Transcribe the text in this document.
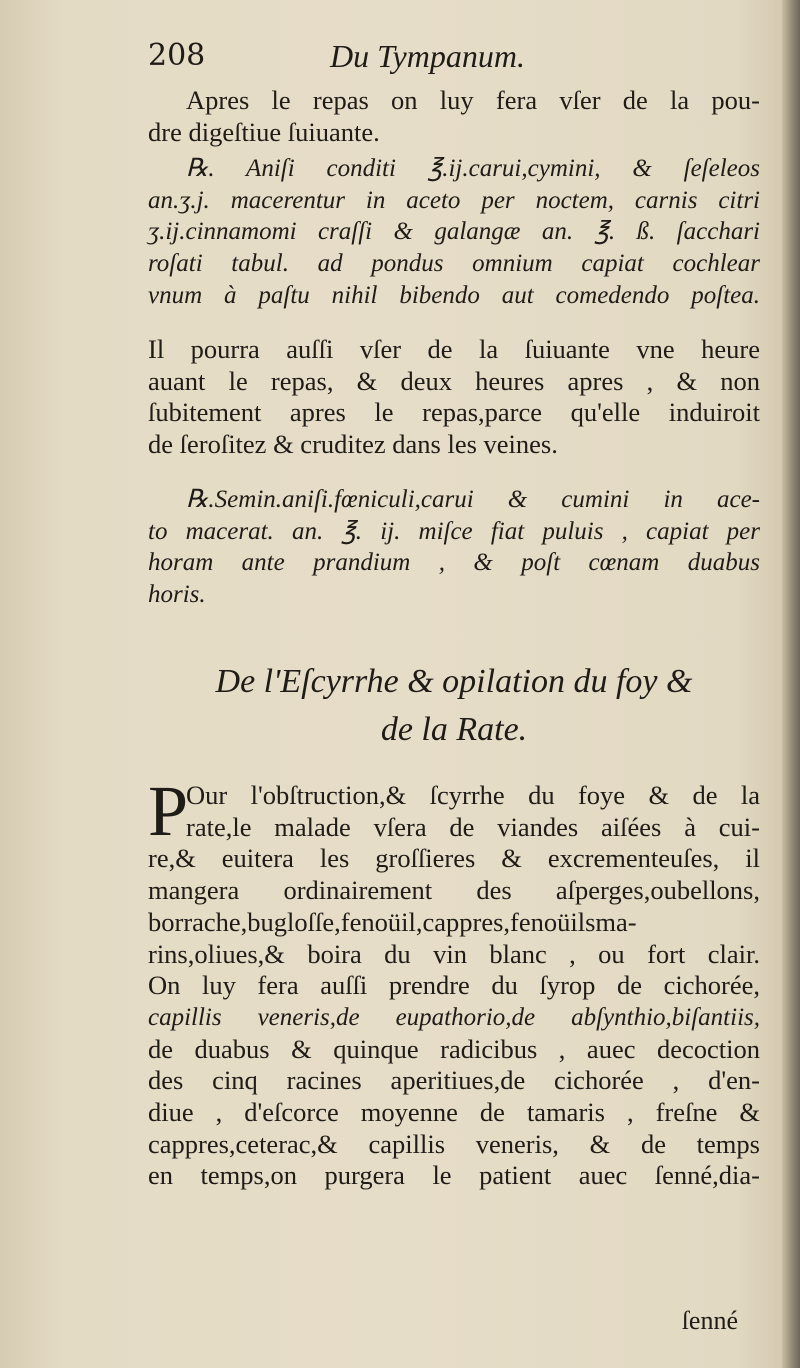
208	Du Tympanum.
Apres le repas on luy fera vſer de la pou-
dre digeſtiue ſuiuante.
℞. Aniſi conditi ℥.ij.carui,cymini, & ſeſeleos
an.ʒ.j. macerentur in aceto per noctem, carnis citri
ʒ.ij.cinnamomi craſſi & galangæ an. ℥. ß. ſacchari
roſati tabul. ad pondus omnium capiat cochlear
vnum à paſtu nihil bibendo aut comedendo poſtea.
Il pourra auſſi vſer de la ſuiuante vne heure
auant le repas, & deux heures apres , & non
ſubitement apres le repas,parce qu'elle induiroit
de ſeroſitez & cruditez dans les veines.
℞.Semin.aniſi.fœniculi,carui & cumini in ace-
to macerat. an. ℥. ij. miſce fiat puluis , capiat per
horam ante prandium , & poſt cœnam duabus
horis.
De l'Eſcyrrhe & opilation du foy &
de la Rate.
P
Our l'obſtruction,& ſcyrrhe du foye & de la
rate,le malade vſera de viandes aiſées à cui-
re,& euitera les groſſieres & excrementeuſes, il
mangera ordinairement des aſperges,oubellons,
borrache,bugloſſe,fenoüil,cappres,fenoüilsma-
rins,oliues,& boira du vin blanc , ou fort clair.
On luy fera auſſi prendre du ſyrop de cichorée,
capillis veneris,de eupathorio,de abſynthio,biſantiis,
de duabus & quinque radicibus , auec decoction
des cinq racines aperitiues,de cichorée , d'en-
diue , d'eſcorce moyenne de tamaris , freſne &
cappres,ceterac,& capillis veneris, & de temps
en temps,on purgera le patient auec ſenné,dia-
ſenné
